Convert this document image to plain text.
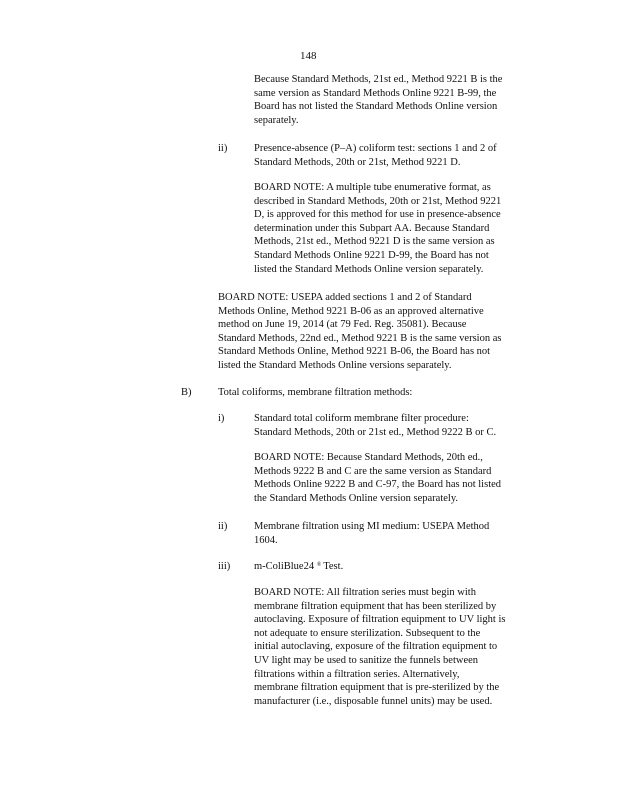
148
Because Standard Methods, 21st ed., Method 9221 B is the
same version as Standard Methods Online 9221 B-99, the
Board has not listed the Standard Methods Online version
separately.
ii)	Presence-absence (P–A) coliform test: sections 1 and 2 of
Standard Methods, 20th or 21st, Method 9221 D.
BOARD NOTE: A multiple tube enumerative format, as
described in Standard Methods, 20th or 21st, Method 9221
D, is approved for this method for use in presence-absence
determination under this Subpart AA. Because Standard
Methods, 21st ed., Method 9221 D is the same version as
Standard Methods Online 9221 D-99, the Board has not
listed the Standard Methods Online version separately.
BOARD NOTE: USEPA added sections 1 and 2 of Standard
Methods Online, Method 9221 B-06 as an approved alternative
method on June 19, 2014 (at 79 Fed. Reg. 35081). Because
Standard Methods, 22nd ed., Method 9221 B is the same version as
Standard Methods Online, Method 9221 B-06, the Board has not
listed the Standard Methods Online versions separately.
B)	Total coliforms, membrane filtration methods:
i)	Standard total coliform membrane filter procedure:
Standard Methods, 20th or 21st ed., Method 9222 B or C.
BOARD NOTE: Because Standard Methods, 20th ed.,
Methods 9222 B and C are the same version as Standard
Methods Online 9222 B and C-97, the Board has not listed
the Standard Methods Online version separately.
ii)	Membrane filtration using MI medium: USEPA Method
1604.
iii) m-ColiBlue24 ® Test.
BOARD NOTE: All filtration series must begin with
membrane filtration equipment that has been sterilized by
autoclaving. Exposure of filtration equipment to UV light is
not adequate to ensure sterilization. Subsequent to the
initial autoclaving, exposure of the filtration equipment to
UV light may be used to sanitize the funnels between
filtrations within a filtration series. Alternatively,
membrane filtration equipment that is pre-sterilized by the
manufacturer (i.e., disposable funnel units) may be used.
